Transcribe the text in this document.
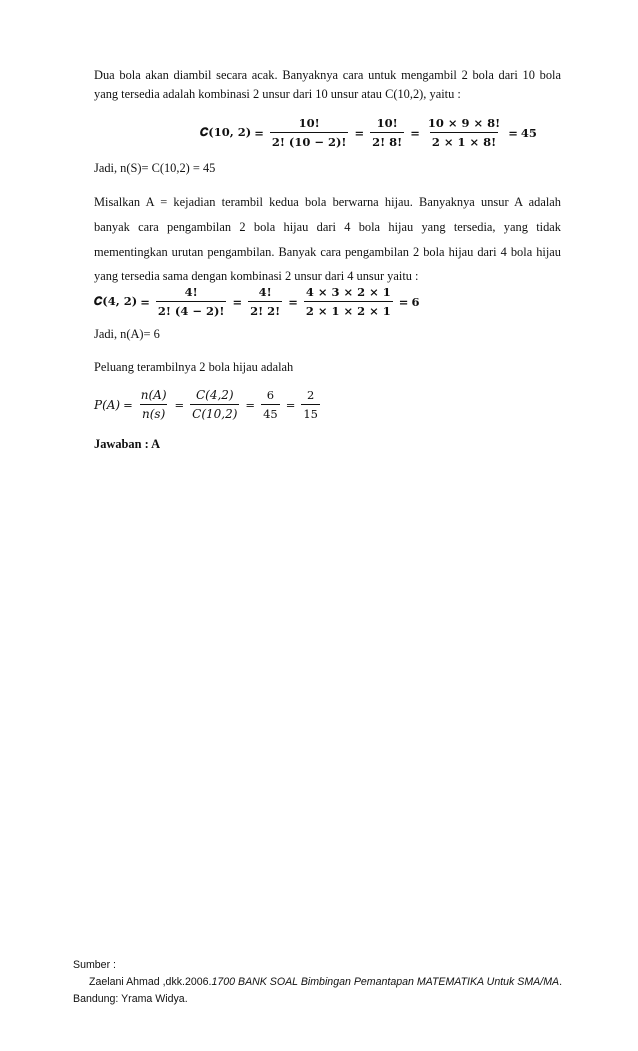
Dua bola akan diambil secara acak. Banyaknya cara untuk mengambil 2 bola dari 10 bola yang tersedia adalah kombinasi 2 unsur dari 10 unsur atau C(10,2), yaitu :
𝑪(𝟏𝟎, 𝟐) = $\frac{𝟏𝟎!}{𝟐! (𝟏𝟎 - 𝟐)!} = \frac{𝟏𝟎!}{𝟐! 𝟖!} = \frac{𝟏𝟎 \times 𝟗 \times 𝟖!}{𝟐 \times 𝟏 \times 𝟖!}$ = 𝟒𝟓
Jadi, n(S)= C(10,2) = 45
Misalkan A = kejadian terambil kedua bola berwarna hijau. Banyaknya unsur A adalah banyak cara pengambilan 2 bola hijau dari 4 bola hijau yang tersedia, yang tidak mementingkan urutan pengambilan. Banyak cara pengambilan 2 bola hijau dari 4 bola hijau yang tersedia sama dengan kombinasi 2 unsur dari 4 unsur yaitu :
𝑪(𝟒, 𝟐) = $\frac{𝟒!}{𝟐! (𝟒 - 𝟐)!} = \frac{𝟒!}{𝟐! 𝟐!} = \frac{𝟒 \times 𝟑 \times 𝟐 \times 𝟏}{𝟐 \times 𝟏 \times 𝟐 \times 𝟏}$ = 𝟔
Jadi, n(A)= 6
Peluang terambilnya 2 bola hijau adalah
𝑃(𝐴) = $\frac{\text{𝑛(𝐴)}}{\text{𝑛(𝑠)}} = \frac{\text{𝐶(4,2)}}{\text{𝐶(10,2)}} = \frac{6}{45} = \frac{2}{15}$
Jawaban : A
Sumber :
Zaelani Ahmad ,dkk.2006.1700 BANK SOAL Bimbingan Pemantapan MATEMATIKA Untuk SMA/MA.
Bandung: Yrama Widya.
